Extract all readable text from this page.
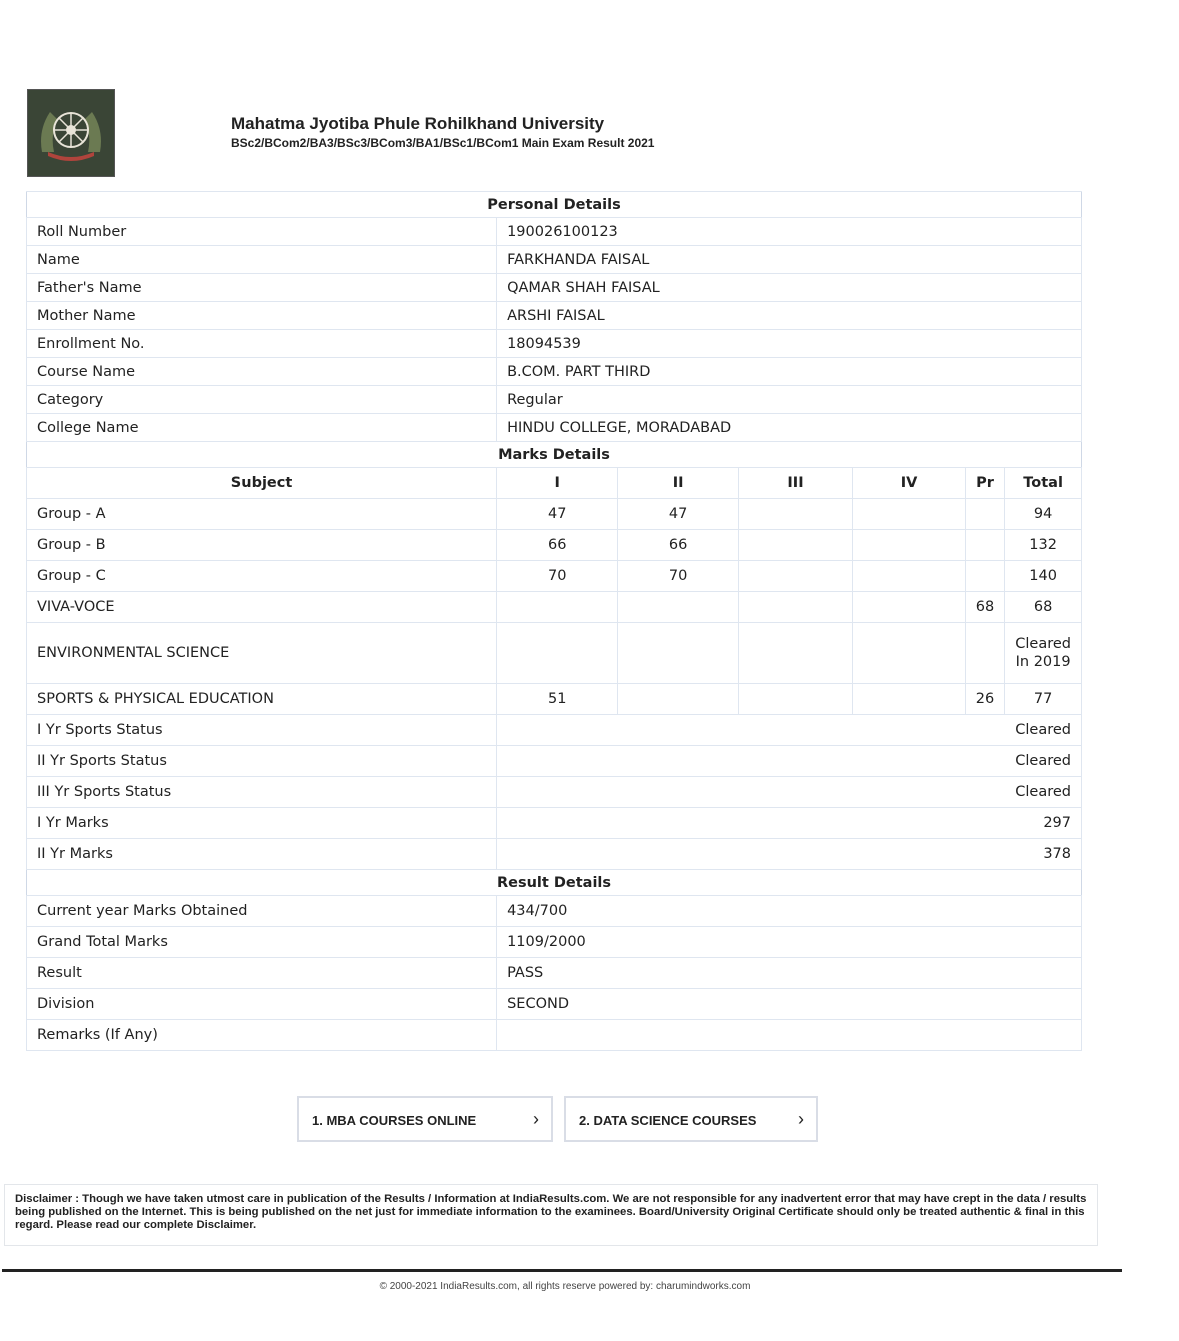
Mahatma Jyotiba Phule Rohilkhand University
BSc2/BCom2/BA3/BSc3/BCom3/BA1/BSc1/BCom1 Main Exam Result 2021
Personal Details						
Roll Number	190026100123					
Name	FARKHANDA FAISAL					
Father's Name	QAMAR SHAH FAISAL					
Mother Name	ARSHI FAISAL					
Enrollment No.	18094539					
Course Name	B.COM. PART THIRD					
Category	Regular					
College Name	HINDU COLLEGE, MORADABAD					
Marks Details						
Subject	I	II	III	IV	Pr	Total
Group - A	47	47				94
Group - B	66	66				132
Group - C	70	70				140
VIVA-VOCE					68	68
ENVIRONMENTAL SCIENCE						Cleared In 2019
SPORTS & PHYSICAL EDUCATION	51				26	77
I Yr Sports Status	Cleared					
II Yr Sports Status	Cleared					
III Yr Sports Status	Cleared					
I Yr Marks	297					
II Yr Marks	378					
Result Details						
Current year Marks Obtained	434/700					
Grand Total Marks	1109/2000					
Result	PASS					
Division	SECOND					
Remarks (If Any)						
1. MBA COURSES ONLINE	›	2. DATA SCIENCE COURSES ›
Disclaimer : Though we have taken utmost care in publication of the Results / Information at IndiaResults.com. We are not responsible for any inadvertent error that may have crept in the data / results being published on the Internet. This is being published on the net just for immediate information to the examinees. Board/University Original Certificate should only be treated authentic & final in this regard. Please read our complete Disclaimer.
© 2000-2021 IndiaResults.com, all rights reserve powered by: charumindworks.com
